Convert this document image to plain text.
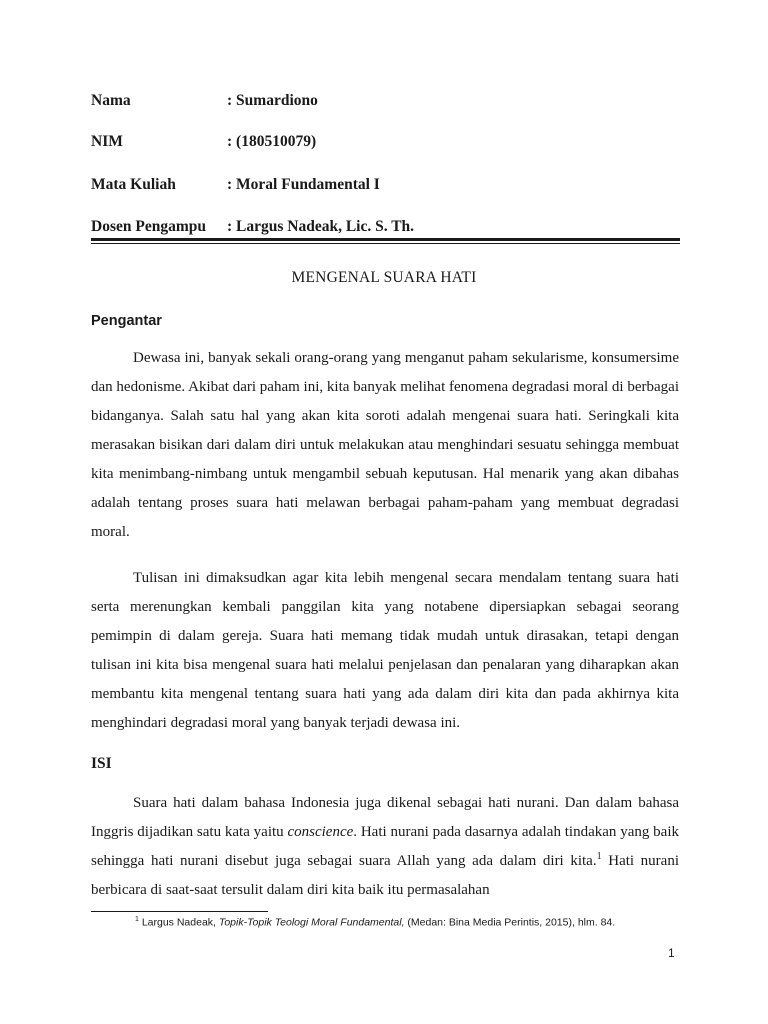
Nama	: Sumardiono
NIM	: (180510079)
Mata Kuliah	: Moral Fundamental I
Dosen Pengampu : Largus Nadeak, Lic. S. Th.
MENGENAL SUARA HATI
Pengantar

Dewasa ini, banyak sekali orang-orang yang menganut paham sekularisme, konsumersime dan hedonisme. Akibat dari paham ini, kita banyak melihat fenomena degradasi moral di berbagai bidanganya. Salah satu hal yang akan kita soroti adalah mengenai suara hati. Seringkali kita merasakan bisikan dari dalam diri untuk melakukan atau menghindari sesuatu sehingga membuat kita menimbang-nimbang untuk mengambil sebuah keputusan. Hal menarik yang akan dibahas adalah tentang proses suara hati melawan berbagai paham-paham yang membuat degradasi moral.

Tulisan ini dimaksudkan agar kita lebih mengenal secara mendalam tentang suara hati serta merenungkan kembali panggilan kita yang notabene dipersiapkan sebagai seorang pemimpin di dalam gereja. Suara hati memang tidak mudah untuk dirasakan, tetapi dengan tulisan ini kita bisa mengenal suara hati melalui penjelasan dan penalaran yang diharapkan akan membantu kita mengenal tentang suara hati yang ada dalam diri kita dan pada akhirnya kita menghindari degradasi moral yang banyak terjadi dewasa ini.

ISI

Suara hati dalam bahasa Indonesia juga dikenal sebagai hati nurani. Dan dalam bahasa Inggris dijadikan satu kata yaitu conscience. Hati nurani pada dasarnya adalah tindakan yang baik sehingga hati nurani disebut juga sebagai suara Allah yang ada dalam diri kita.$^1$ Hati nurani berbicara di saat-saat tersulit dalam diri kita baik itu permasalahan

$^1$ Largus Nadeak, Topik-Topik Teologi Moral Fundamental, (Medan: Bina Media Perintis, 2015), hlm. 84.
1
